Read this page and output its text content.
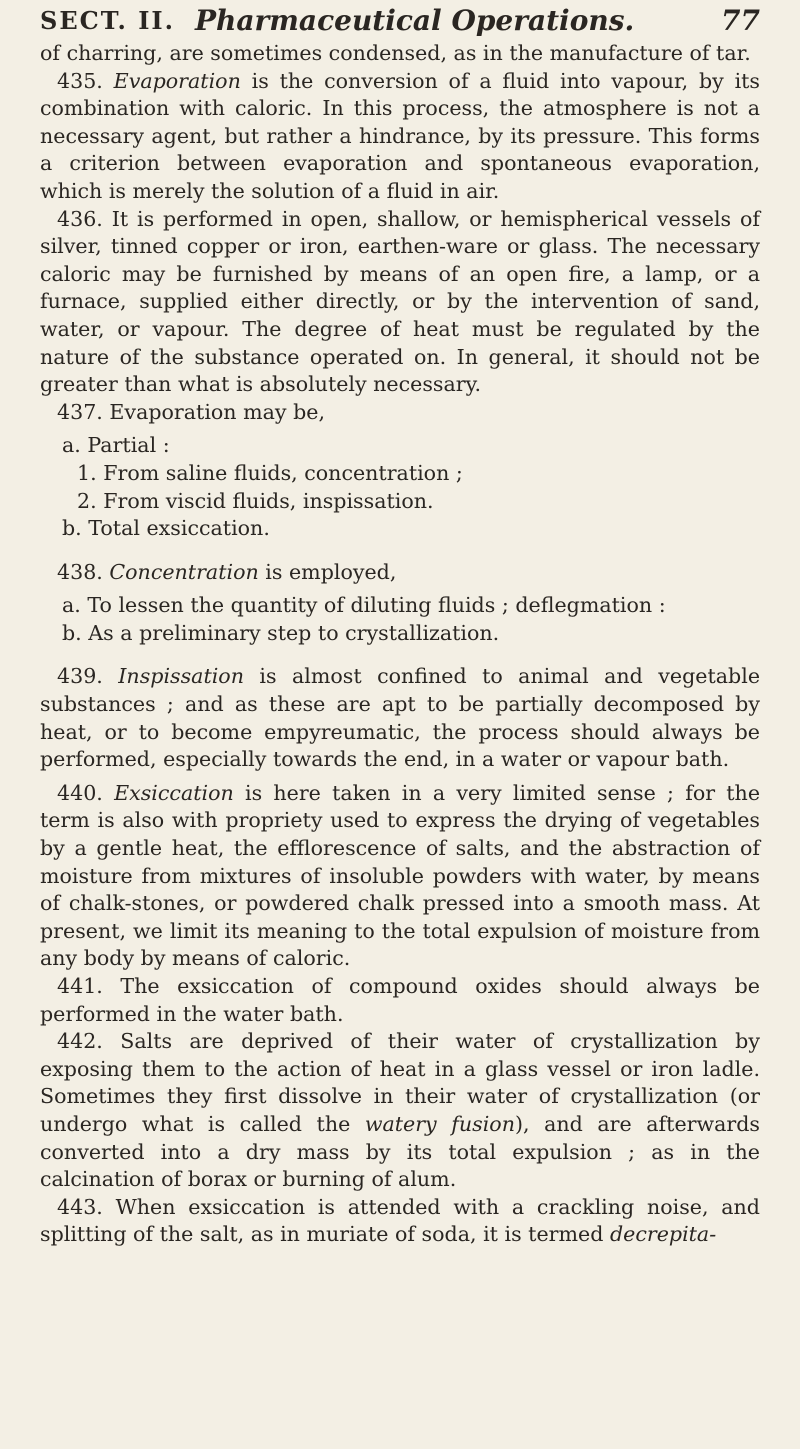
SECT. II. Pharmaceutical Operations.	77

of charring, are sometimes condensed, as in the manufacture of tar.

435. Evaporation is the conversion of a fluid into vapour, by its combination with caloric. In this process, the atmosphere is not a necessary agent, but rather a hindrance, by its pressure. This forms a criterion between evaporation and spontaneous evaporation, which is merely the solution of a fluid in air.

436. It is performed in open, shallow, or hemispherical vessels of silver, tinned copper or iron, earthen-ware or glass. The necessary caloric may be furnished by means of an open fire, a lamp, or a furnace, supplied either directly, or by the intervention of sand, water, or vapour. The degree of heat must be regulated by the nature of the substance operated on. In general, it should not be greater than what is absolutely necessary.

437. Evaporation may be,

a. Partial :

1. From saline fluids, concentration ;

2. From viscid fluids, inspissation.

b. Total exsiccation.

438. Concentration is employed,

a. To lessen the quantity of diluting fluids ; deflegmation :

b. As a preliminary step to crystallization.

439. Inspissation is almost confined to animal and vegetable substances ; and as these are apt to be partially decomposed by heat, or to become empyreumatic, the process should always be performed, especially towards the end, in a water or vapour bath.

440. Exsiccation is here taken in a very limited sense ; for the term is also with propriety used to express the drying of vegetables by a gentle heat, the efflorescence of salts, and the abstraction of moisture from mixtures of insoluble powders with water, by means of chalk-stones, or powdered chalk pressed into a smooth mass. At present, we limit its meaning to the total expulsion of moisture from any body by means of caloric.

441. The exsiccation of compound oxides should always be performed in the water bath.

442. Salts are deprived of their water of crystallization by exposing them to the action of heat in a glass vessel or iron ladle. Sometimes they first dissolve in their water of crystallization (or undergo what is called the watery fusion), and are afterwards converted into a dry mass by its total expulsion ; as in the calcination of borax or burning of alum.

443. When exsiccation is attended with a crackling noise, and splitting of the salt, as in muriate of soda, it is termed decrepita-
